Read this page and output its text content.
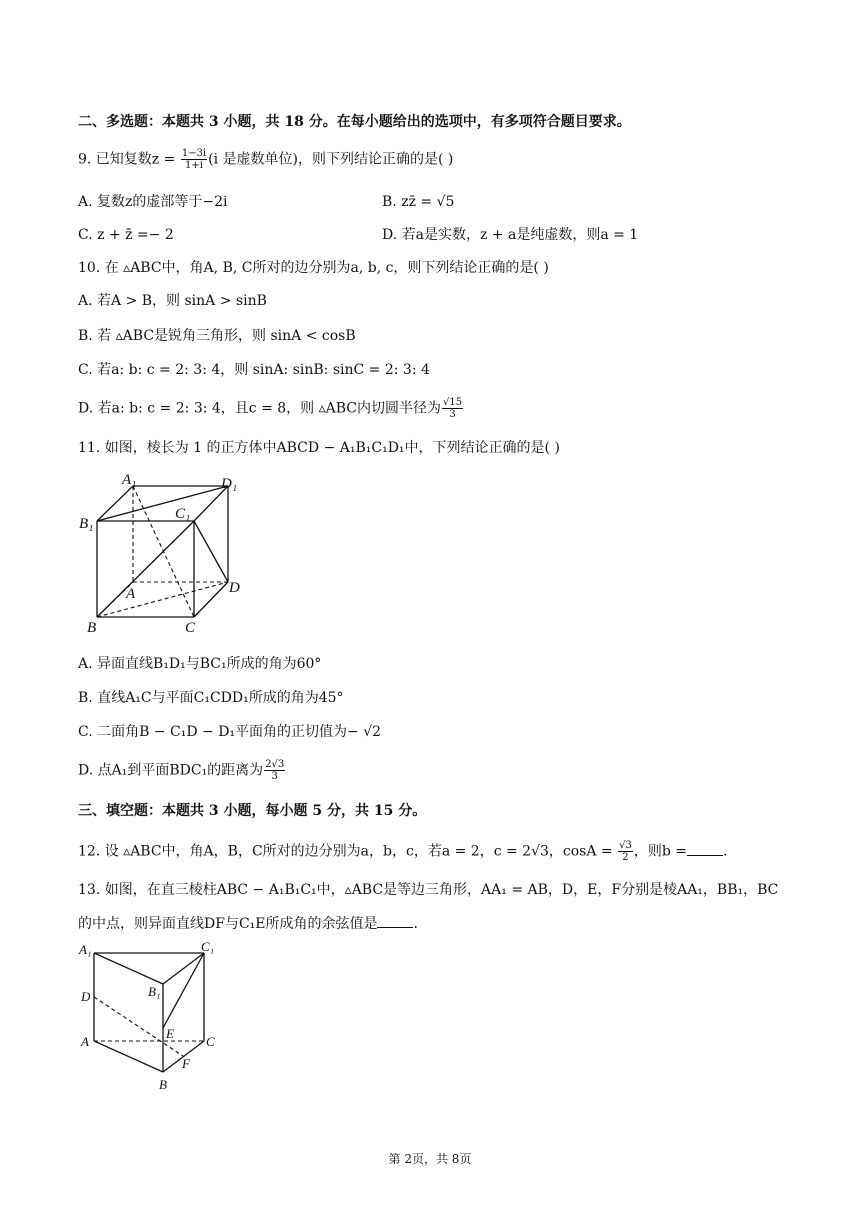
二、多选题：本题共 3 小题，共 18 分。在每小题给出的选项中，有多项符合题目要求。
9. 已知复数$z = \frac{1-3i}{1+i} (i$ 是虚数单位)，则下列结论正确的是( )
A. 复数z的虚部等于−2i	B. zz̄ = √5
C. z + z̄ =− 2	D. 若a是实数，z + a是纯虚数，则a = 1
10. 在 ▵ABC中，角A, B, C所对的边分别为a, b, c，则下列结论正确的是( )
A. 若A > B，则 sinA > sinB
B. 若 ▵ABC是锐角三角形，则 sinA < cosB
C. 若a: b: c = 2: 3: 4，则 sinA: sinB: sinC = 2: 3: 4
D. 若a: b: c = 2: 3: 4，且c = 8，则 ▵ABC内切圆半径为 $\frac{√15}{3}$
11. 如图，棱长为 1 的正方体中ABCD − A₁B₁C₁D₁中，下列结论正确的是( )
A₁	D₁
B₁
C₁
A	D
B	C
A. 异面直线B₁D₁与BC₁所成的角为60°
B. 直线A₁C与平面C₁CDD₁所成的角为45°
C. 二面角B − C₁D − D₁平面角的正切值为− √2
D. 点A₁到平面BDC₁的距离为 $\frac{2√3}{3}$
三、填空题：本题共 3 小题，每小题 5 分，共 15 分。
12. 设 ▵ABC中，角A，B，C所对的边分别为a，b，c，若a = 2，c = 2√3，$\cos A = \frac{√3}{2}$ ，则b =	.
13. 如图，在直三棱柱ABC − A₁B₁C₁中，▵ABC是等边三角形，AA₁ = AB，D，E，F分别是棱AA₁，BB₁，BC
的中点，则异面直线DF与C₁E所成角的余弦值是	.
A₁	C₁
D	B₁
E
A	C
F
B
第 2页，共 8页
